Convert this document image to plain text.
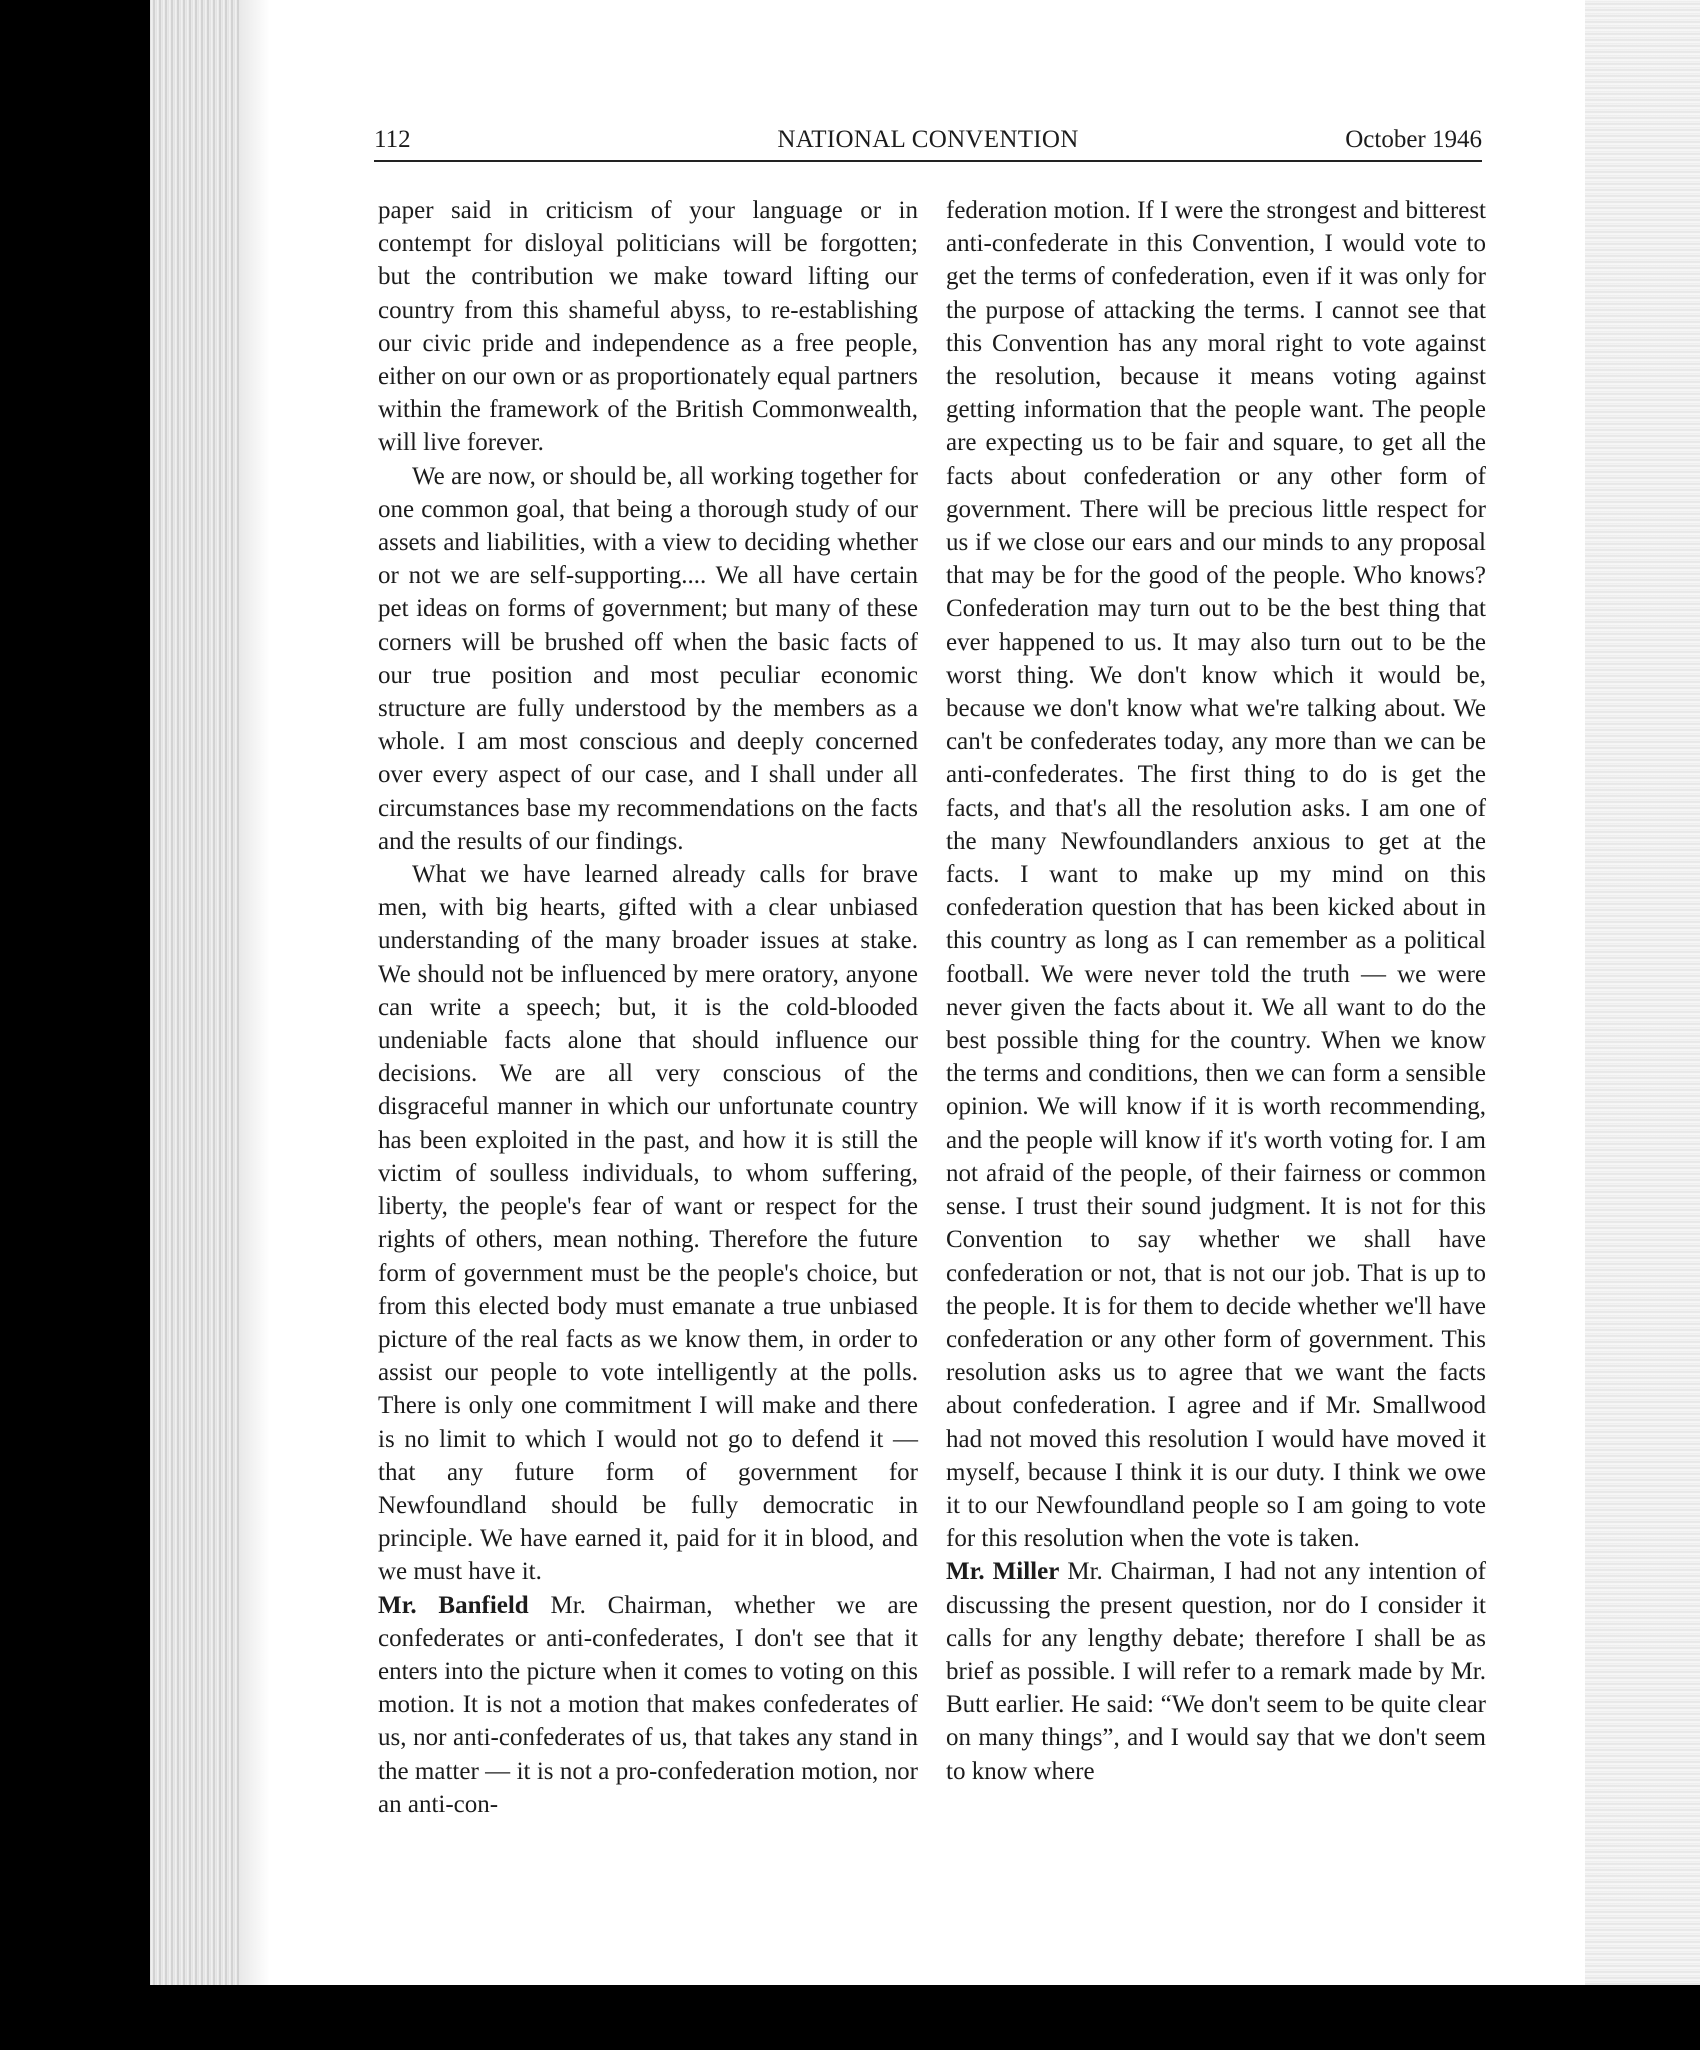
112	NATIONAL CONVENTION	October 1946

paper said in criticism of your language or in contempt for disloyal politicians will be forgotten; but the contribution we make toward lifting our country from this shameful abyss, to re-establishing our civic pride and independence as a free people, either on our own or as proportionately equal partners within the framework of the British Commonwealth, will live forever.

We are now, or should be, all working together for one common goal, that being a thorough study of our assets and liabilities, with a view to deciding whether or not we are self-supporting.... We all have certain pet ideas on forms of government; but many of these corners will be brushed off when the basic facts of our true position and most peculiar economic structure are fully understood by the members as a whole. I am most conscious and deeply concerned over every aspect of our case, and I shall under all circumstances base my recommendations on the facts and the results of our findings.

What we have learned already calls for brave men, with big hearts, gifted with a clear unbiased understanding of the many broader issues at stake. We should not be influenced by mere oratory, anyone can write a speech; but, it is the cold-blooded undeniable facts alone that should influence our decisions. We are all very conscious of the disgraceful manner in which our unfortunate country has been exploited in the past, and how it is still the victim of soulless individuals, to whom suffering, liberty, the people's fear of want or respect for the rights of others, mean nothing. Therefore the future form of government must be the people's choice, but from this elected body must emanate a true unbiased picture of the real facts as we know them, in order to assist our people to vote intelligently at the polls. There is only one commitment I will make and there is no limit to which I would not go to defend it — that any future form of government for Newfoundland should be fully democratic in principle. We have earned it, paid for it in blood, and we must have it.

Mr. Banfield Mr. Chairman, whether we are confederates or anti-confederates, I don't see that it enters into the picture when it comes to voting on this motion. It is not a motion that makes confederates of us, nor anti-confederates of us, that takes any stand in the matter — it is not a pro-confederation motion, nor an anti-con-

federation motion. If I were the strongest and bitterest anti-confederate in this Convention, I would vote to get the terms of confederation, even if it was only for the purpose of attacking the terms. I cannot see that this Convention has any moral right to vote against the resolution, because it means voting against getting information that the people want. The people are expecting us to be fair and square, to get all the facts about confederation or any other form of government. There will be precious little respect for us if we close our ears and our minds to any proposal that may be for the good of the people. Who knows? Confederation may turn out to be the best thing that ever happened to us. It may also turn out to be the worst thing. We don't know which it would be, because we don't know what we're talking about. We can't be confederates today, any more than we can be anti-confederates. The first thing to do is get the facts, and that's all the resolution asks. I am one of the many Newfoundlanders anxious to get at the facts. I want to make up my mind on this confederation question that has been kicked about in this country as long as I can remember as a political football. We were never told the truth — we were never given the facts about it. We all want to do the best possible thing for the country. When we know the terms and conditions, then we can form a sensible opinion. We will know if it is worth recommending, and the people will know if it's worth voting for. I am not afraid of the people, of their fairness or common sense. I trust their sound judgment. It is not for this Convention to say whether we shall have confederation or not, that is not our job. That is up to the people. It is for them to decide whether we'll have confederation or any other form of government. This resolution asks us to agree that we want the facts about confederation. I agree and if Mr. Smallwood had not moved this resolution I would have moved it myself, because I think it is our duty. I think we owe it to our Newfoundland people so I am going to vote for this resolution when the vote is taken.

Mr. Miller Mr. Chairman, I had not any intention of discussing the present question, nor do I consider it calls for any lengthy debate; therefore I shall be as brief as possible. I will refer to a remark made by Mr. Butt earlier. He said: “We don't seem to be quite clear on many things”, and I would say that we don't seem to know where
